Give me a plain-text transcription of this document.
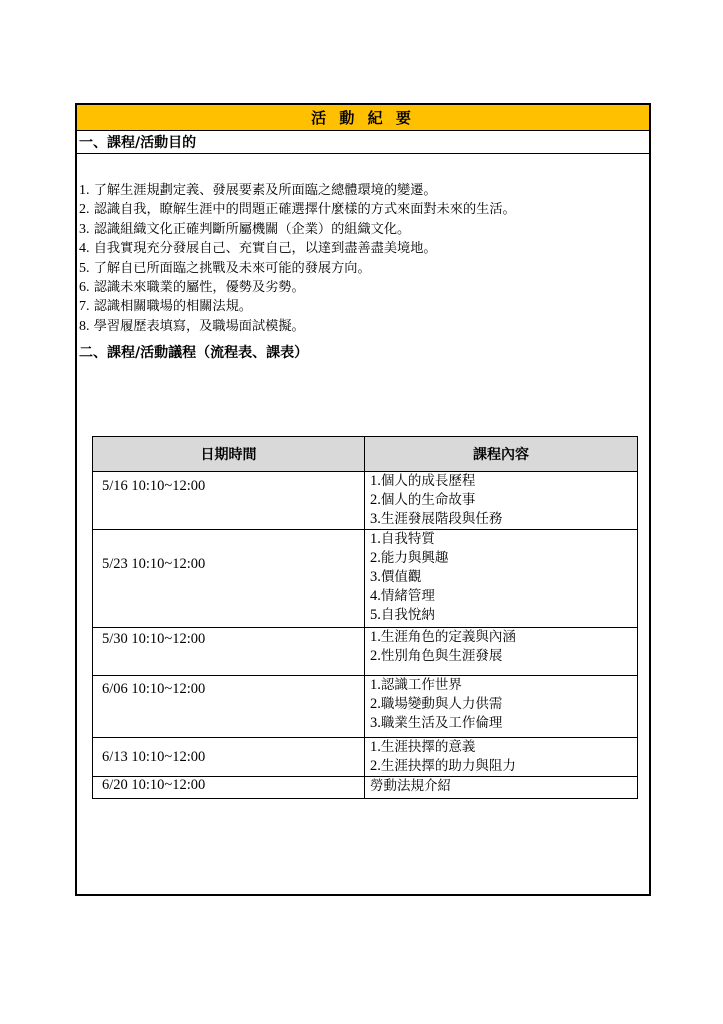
活 動 紀 要
一、課程/活動目的
1. 了解生涯規劃定義、發展要素及所面臨之總體環境的變遷。
2. 認識自我，瞭解生涯中的問題正確選擇什麼樣的方式來面對未來的生活。
3. 認識組織文化正確判斷所屬機關（企業）的組織文化。
4. 自我實現充分發展自己、充實自己，以達到盡善盡美境地。
5. 了解自已所面臨之挑戰及未來可能的發展方向。
6. 認識未來職業的屬性，優勢及劣勢。
7. 認識相關職場的相關法規。
8. 學習履歷表填寫，及職場面試模擬。
二、課程/活動議程（流程表、課表）
日期時間	課程內容
5/16 10:10~12:00	1.個人的成長歷程
2.個人的生命故事
3.生涯發展階段與任務

5/23 10:10~12:00	1.自我特質
2.能力與興趣
3.價值觀
4.情緒管理
5.自我悅納

5/30 10:10~12:00	1.生涯角色的定義與內涵
2.性別角色與生涯發展

6/06 10:10~12:00	1.認識工作世界
2.職場變動與人力供需
3.職業生活及工作倫理

6/13 10:10~12:00	1.生涯抉擇的意義
2.生涯抉擇的助力與阻力

6/20 10:10~12:00	勞動法規介紹
